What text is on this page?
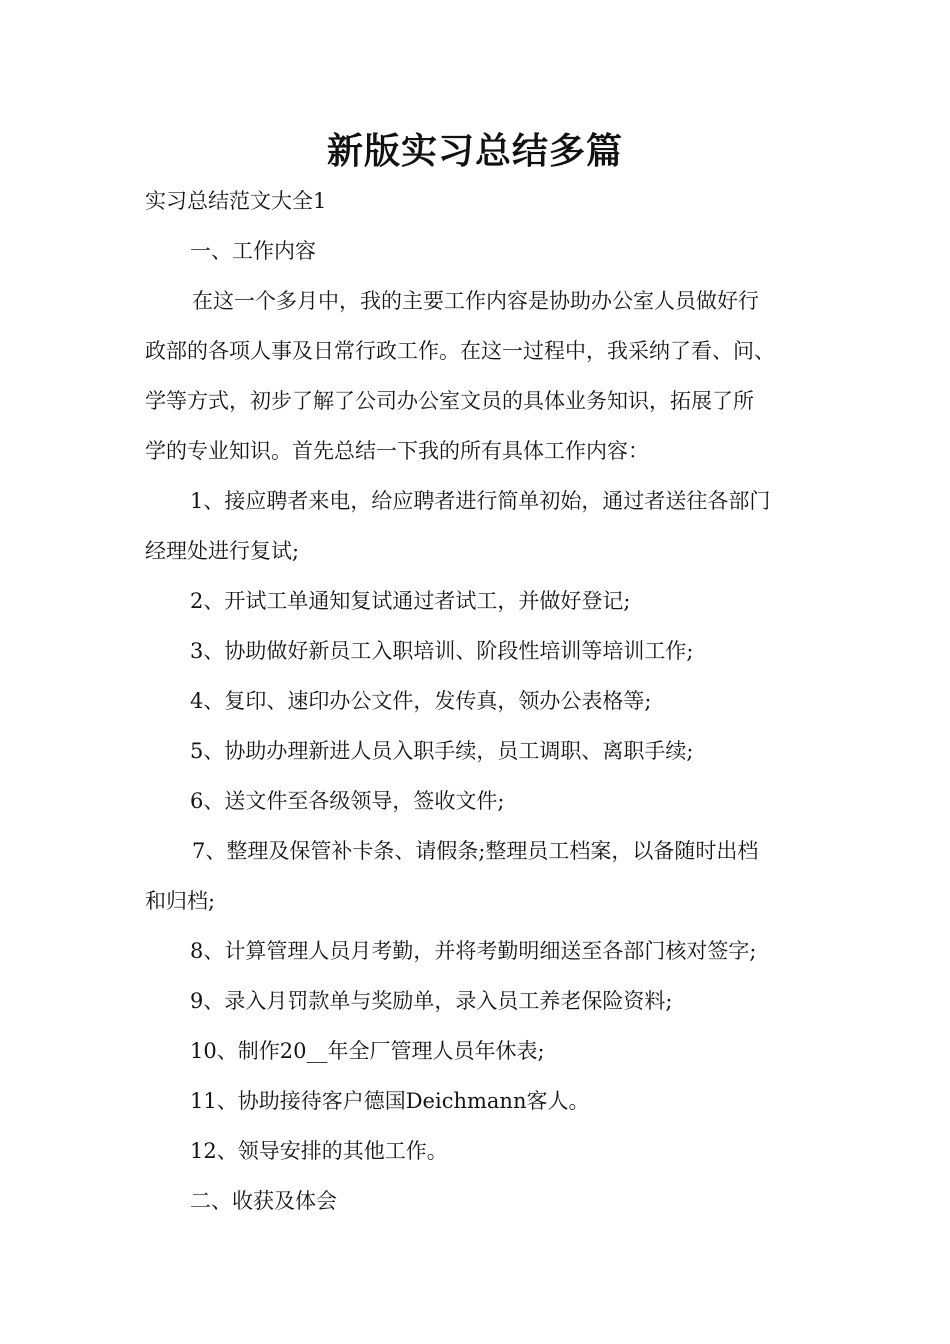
新版实习总结多篇
实习总结范文大全1
一、工作内容
在这一个多月中，我的主要工作内容是协助办公室人员做好行
政部的各项人事及日常行政工作。在这一过程中，我采纳了看、问、
学等方式，初步了解了公司办公室文员的具体业务知识，拓展了所
学的专业知识。首先总结一下我的所有具体工作内容：
1、接应聘者来电，给应聘者进行简单初始，通过者送往各部门
经理处进行复试;
2、开试工单通知复试通过者试工，并做好登记;
3、协助做好新员工入职培训、阶段性培训等培训工作;
4、复印、速印办公文件，发传真，领办公表格等;
5、协助办理新进人员入职手续，员工调职、离职手续;
6、送文件至各级领导，签收文件;
7、整理及保管补卡条、请假条;整理员工档案，以备随时出档
和归档;
8、计算管理人员月考勤，并将考勤明细送至各部门核对签字;
9、录入月罚款单与奖励单，录入员工养老保险资料;
10、制作20__年全厂管理人员年休表;
11、协助接待客户德国Deichmann客人。
12、领导安排的其他工作。
二、收获及体会
